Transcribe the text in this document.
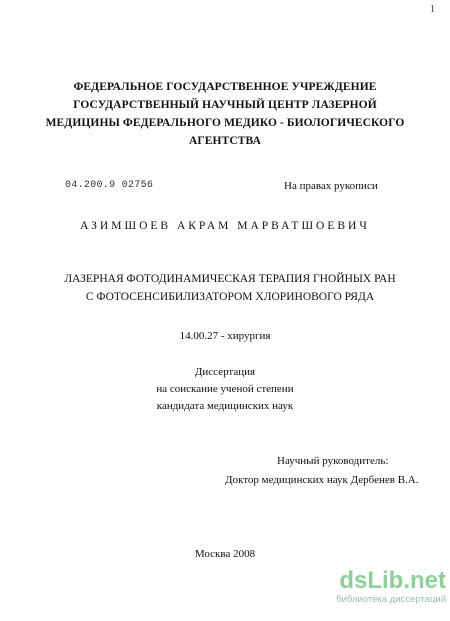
1
ФЕДЕРАЛЬНОЕ ГОСУДАРСТВЕННОЕ УЧРЕЖДЕНИЕ
ГОСУДАРСТВЕННЫЙ НАУЧНЫЙ ЦЕНТР ЛАЗЕРНОЙ
МЕДИЦИНЫ ФЕДЕРАЛЬНОГО МЕДИКО - БИОЛОГИЧЕСКОГО
АГЕНТСТВА
04.200.9 02756	На правах рукописи
АЗИМШОЕВ АКРАМ МАРВАТШОЕВИЧ
ЛАЗЕРНАЯ ФОТОДИНАМИЧЕСКАЯ ТЕРАПИЯ ГНОЙНЫХ РАН
С ФОТОСЕНСИБИЛИЗАТОРОМ ХЛОРИНОВОГО РЯДА
14.00.27 - хирургия
Диссертация
на соискание ученой степени
кандидата медицинских наук
Научный руководитель:
Доктор медицинских наук Дербенев В.А.
Москва 2008
dsLib.net
библиотека диссертаций
